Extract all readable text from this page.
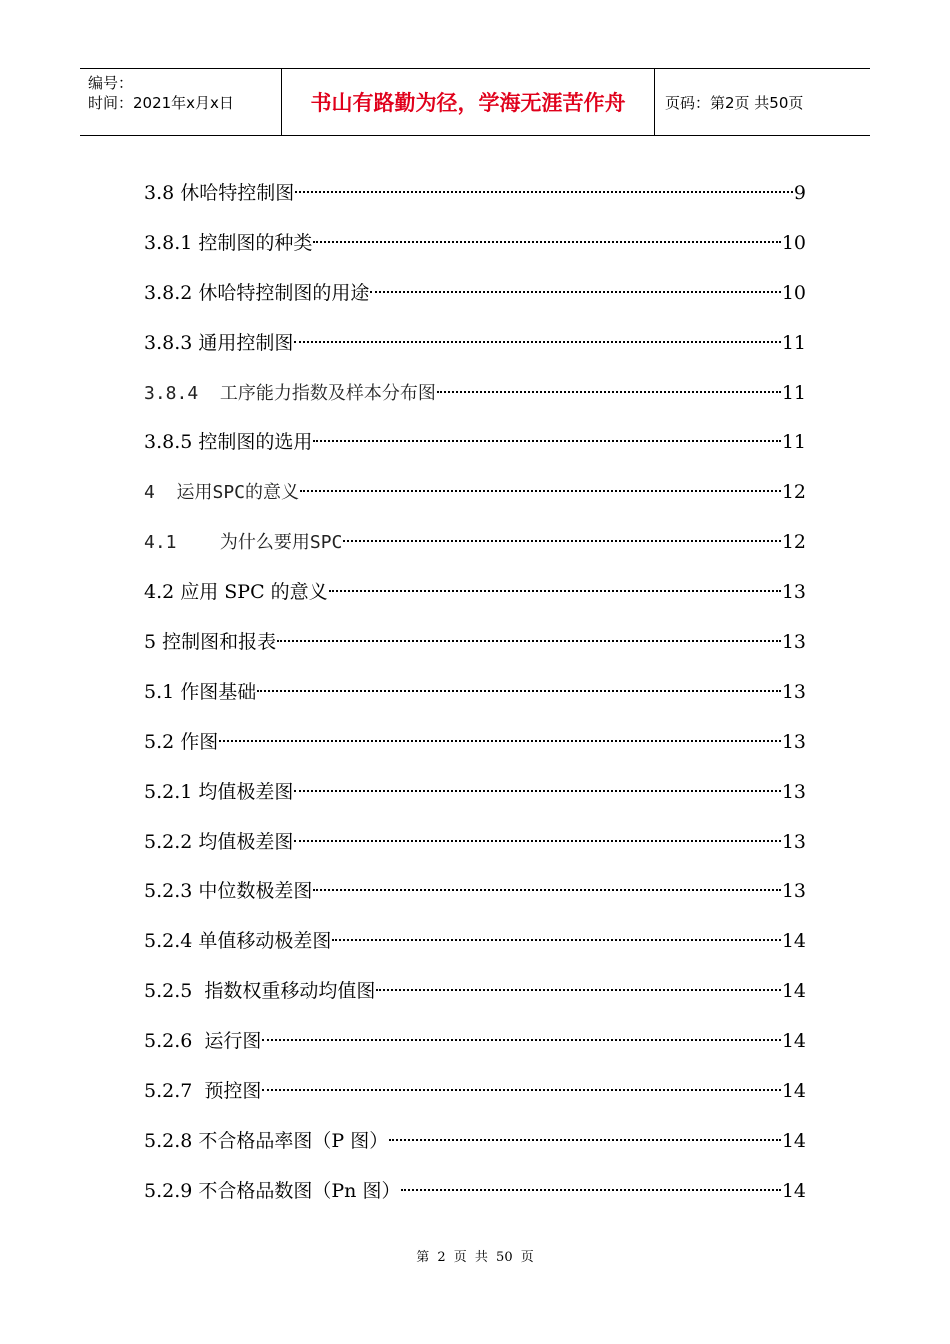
编号：
时间：2021年x月x日	书山有路勤为径，学海无涯苦作舟	页码：第2页 共50页
3.8 休哈特控制图	9
3.8.1 控制图的种类	10
3.8.2 休哈特控制图的用途	10
3.8.3 通用控制图	11
3.8.4  工序能力指数及样本分布图	11
3.8.5 控制图的选用	11
4  运用SPC的意义	12
4.1    为什么要用SPC	12
4.2 应用 SPC 的意义	13
5 控制图和报表	13
5.1 作图基础	13
5.2 作图	13
5.2.1 均值极差图	13
5.2.2 均值极差图	13
5.2.3 中位数极差图	13
5.2.4 单值移动极差图	14
5.2.5  指数权重移动均值图	14
5.2.6  运行图	14
5.2.7  预控图	14
5.2.8 不合格品率图（P 图）	14
5.2.9 不合格品数图（Pn 图）	14
第 2 页 共 50 页
